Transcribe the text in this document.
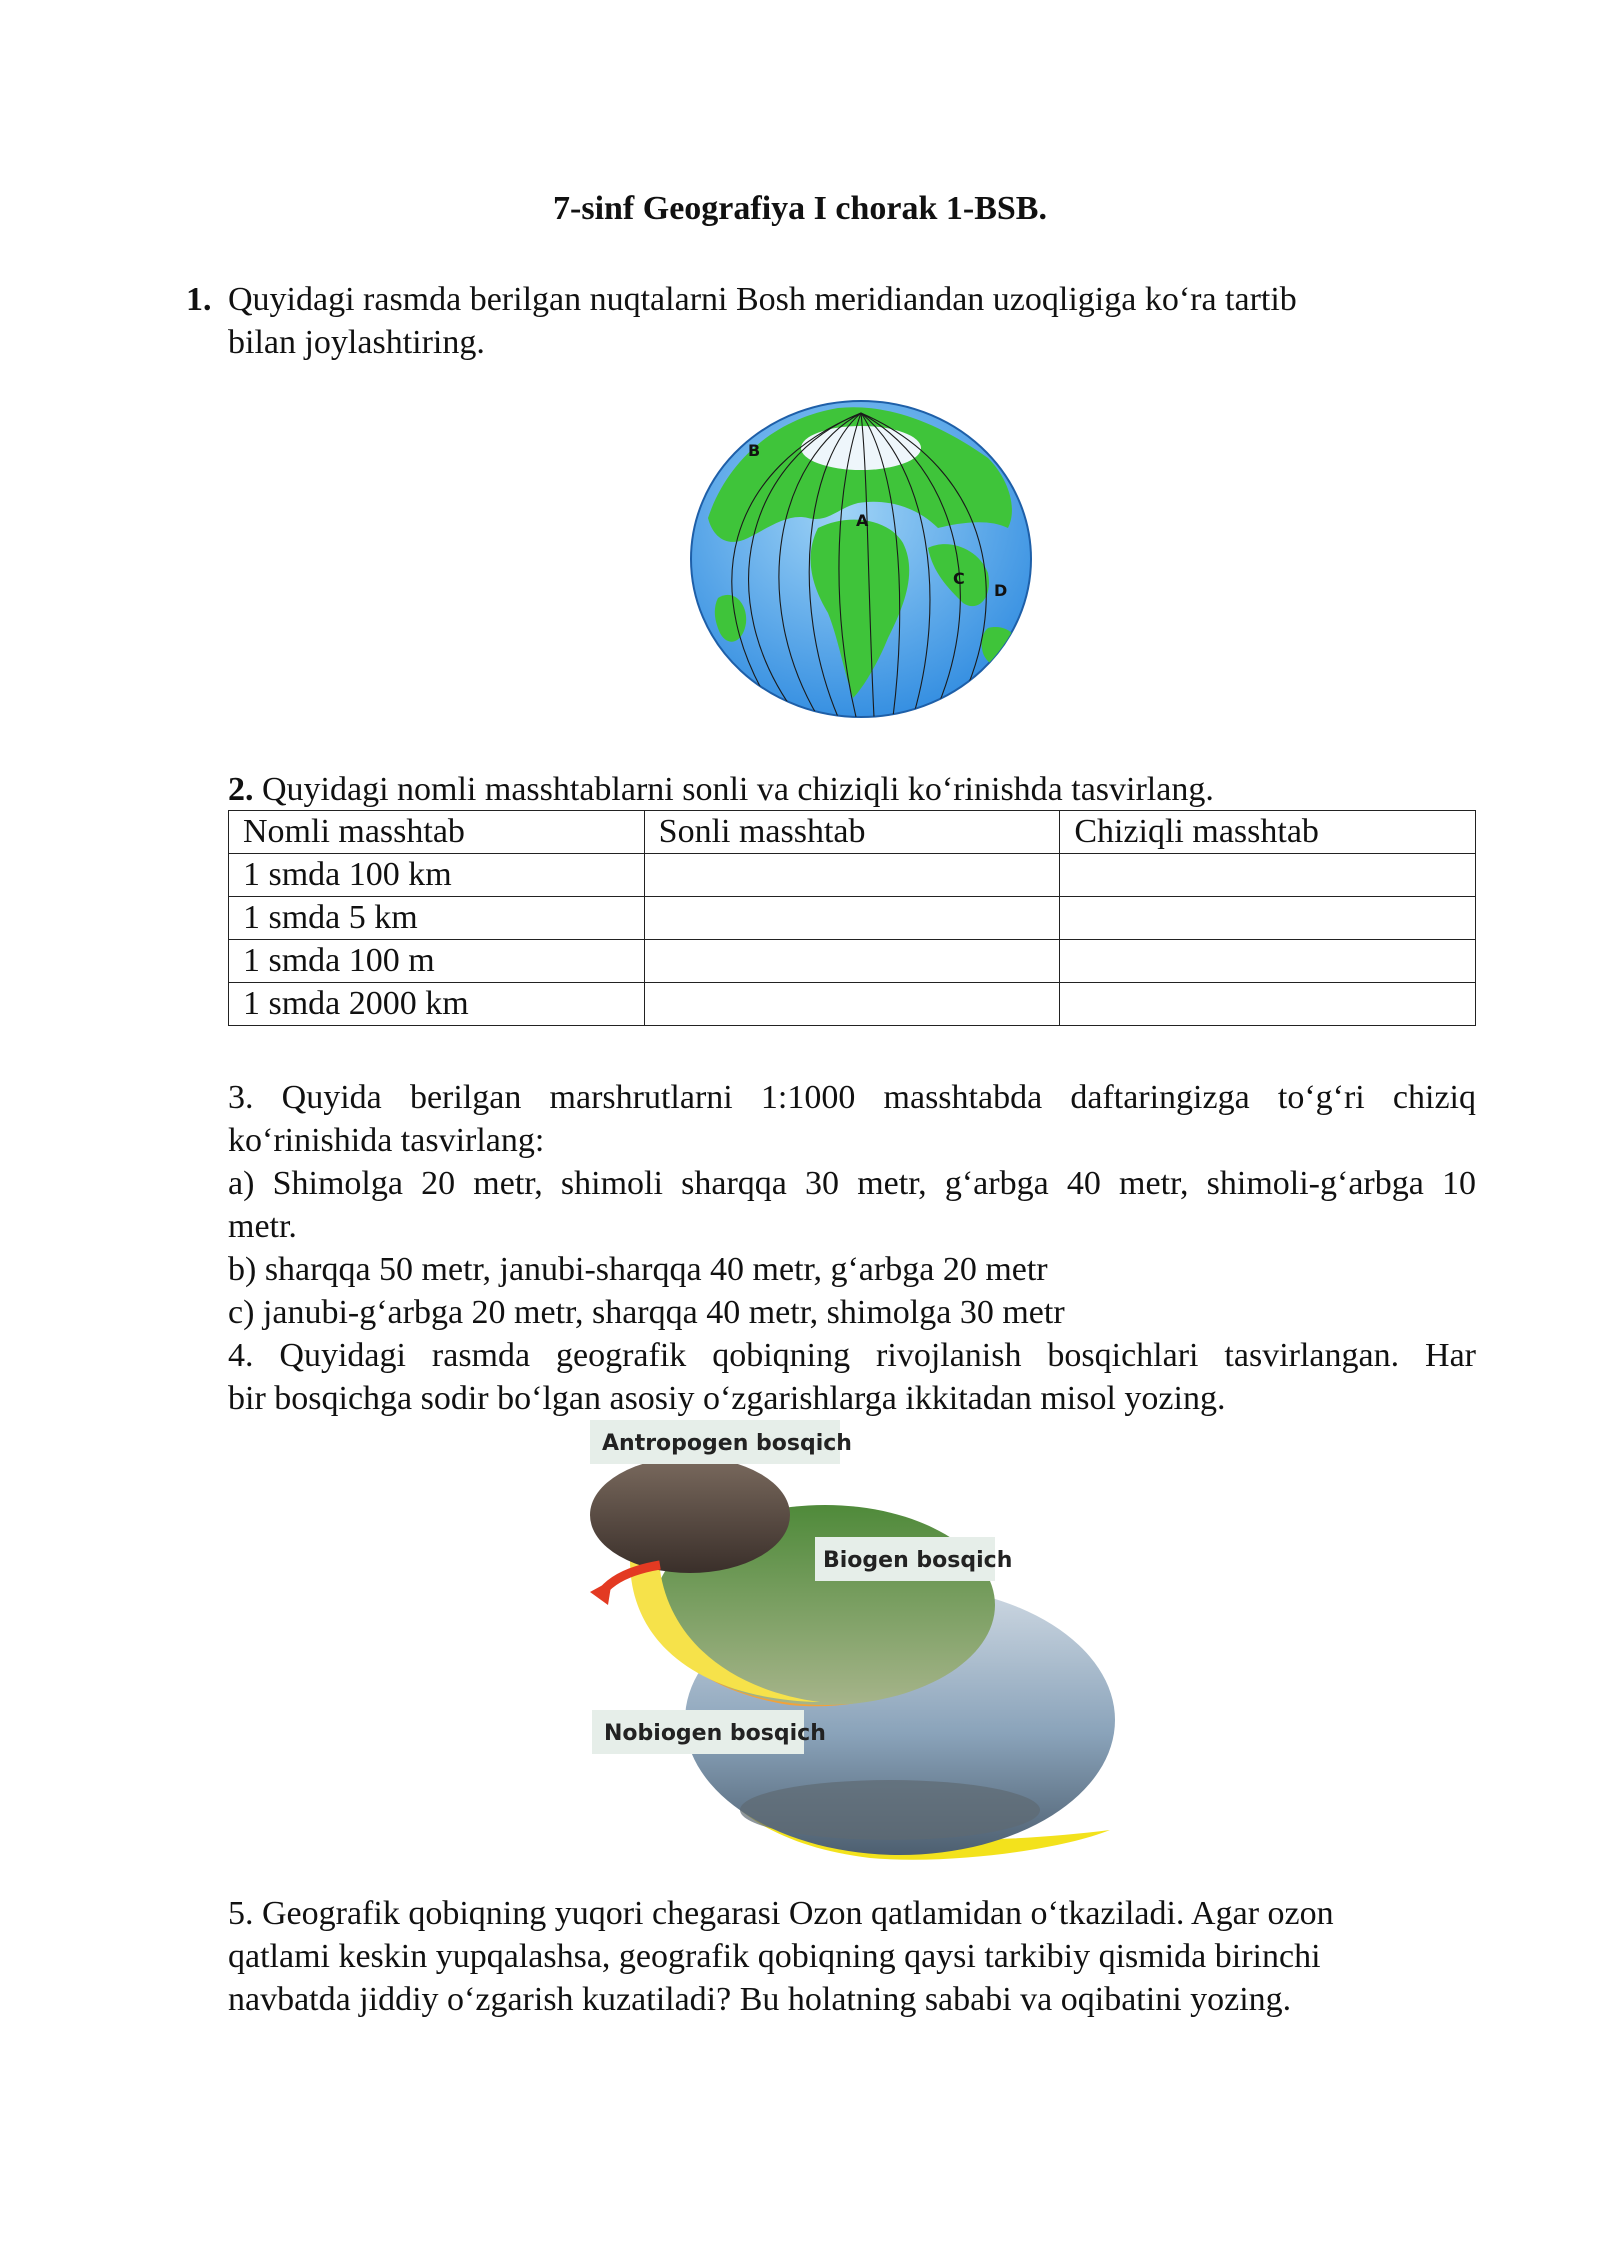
7-sinf Geografiya I chorak 1-BSB.
1. Quyidagi rasmda berilgan nuqtalarni Bosh meridiandan uzoqligiga ko‘ra tartib
bilan joylashtiring.
B
A
C
D
2. Quyidagi nomli masshtablarni sonli va chiziqli ko‘rinishda tasvirlang.
Nomli masshtab	Sonli masshtab	Chiziqli masshtab
1 smda 100 km		
1 smda 5 km		
1 smda 100 m		
1 smda 2000 km		
3. Quyida berilgan marshrutlarni 1:1000 masshtabda daftaringizga to‘g‘ri chiziq
ko‘rinishida tasvirlang:
a) Shimolga 20 metr, shimoli sharqqa 30 metr, g‘arbga 40 metr, shimoli-g‘arbga 10
metr.
b) sharqqa 50 metr, janubi-sharqqa 40 metr, g‘arbga 20 metr
c) janubi-g‘arbga 20 metr, sharqqa 40 metr, shimolga 30 metr
4. Quyidagi rasmda geografik qobiqning rivojlanish bosqichlari tasvirlangan. Har
bir bosqichga sodir bo‘lgan asosiy o‘zgarishlarga ikkitadan misol yozing.
Antropogen bosqich
Biogen bosqich
Nobiogen bosqich
5. Geografik qobiqning yuqori chegarasi Ozon qatlamidan o‘tkaziladi. Agar ozon
qatlami keskin yupqalashsa, geografik qobiqning qaysi tarkibiy qismida birinchi
navbatda jiddiy o‘zgarish kuzatiladi? Bu holatning sababi va oqibatini yozing.
